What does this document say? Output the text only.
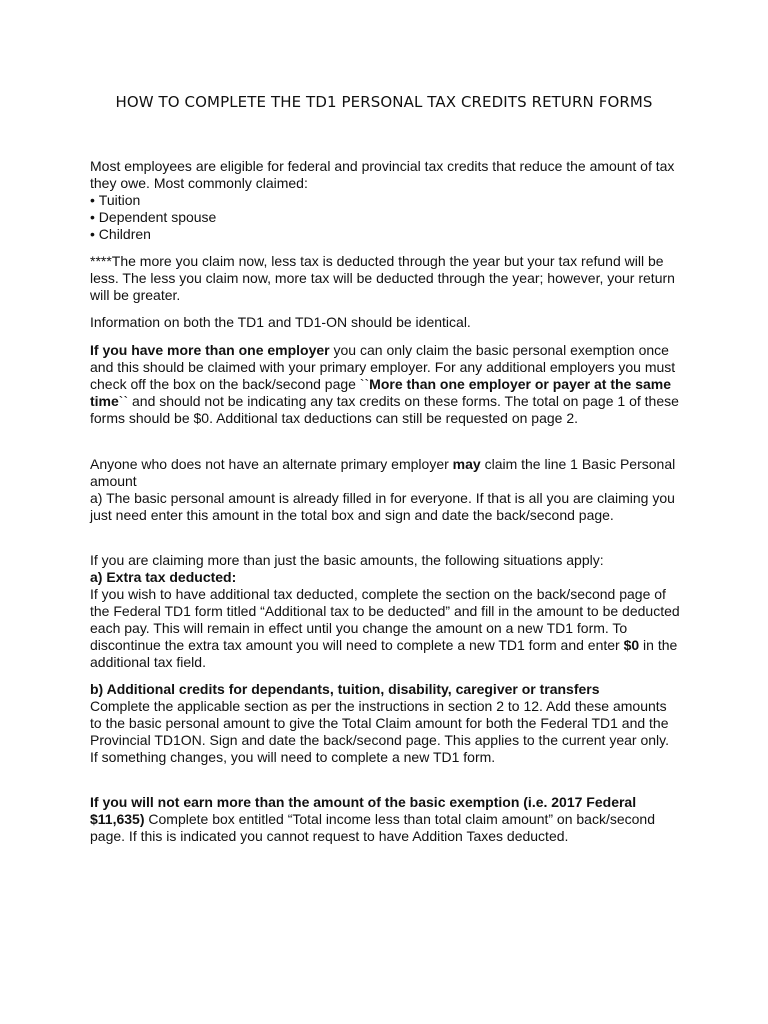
HOW TO COMPLETE THE TD1 PERSONAL TAX CREDITS RETURN FORMS

Most employees are eligible for federal and provincial tax credits that reduce the amount of tax they owe. Most commonly claimed:

• Tuition
• Dependent spouse
• Children

****The more you claim now, less tax is deducted through the year but your tax refund will be less. The less you claim now, more tax will be deducted through the year; however, your return will be greater.

Information on both the TD1 and TD1-ON should be identical.

If you have more than one employer you can only claim the basic personal exemption once and this should be claimed with your primary employer. For any additional employers you must check off the box on the back/second page ``More than one employer or payer at the same time`` and should not be indicating any tax credits on these forms. The total on page 1 of these forms should be $0. Additional tax deductions can still be requested on page 2.

Anyone who does not have an alternate primary employer may claim the line 1 Basic Personal amount

a) The basic personal amount is already filled in for everyone. If that is all you are claiming you just need enter this amount in the total box and sign and date the back/second page.

If you are claiming more than just the basic amounts, the following situations apply:

a) Extra tax deducted:

If you wish to have additional tax deducted, complete the section on the back/second page of the Federal TD1 form titled “Additional tax to be deducted” and fill in the amount to be deducted each pay. This will remain in effect until you change the amount on a new TD1 form. To discontinue the extra tax amount you will need to complete a new TD1 form and enter $0 in the additional tax field.

b) Additional credits for dependants, tuition, disability, caregiver or transfers

Complete the applicable section as per the instructions in section 2 to 12. Add these amounts to the basic personal amount to give the Total Claim amount for both the Federal TD1 and the Provincial TD1ON. Sign and date the back/second page. This applies to the current year only. If something changes, you will need to complete a new TD1 form.

If you will not earn more than the amount of the basic exemption (i.e. 2017 Federal $11,635) Complete box entitled “Total income less than total claim amount” on back/second page. If this is indicated you cannot request to have Addition Taxes deducted.
